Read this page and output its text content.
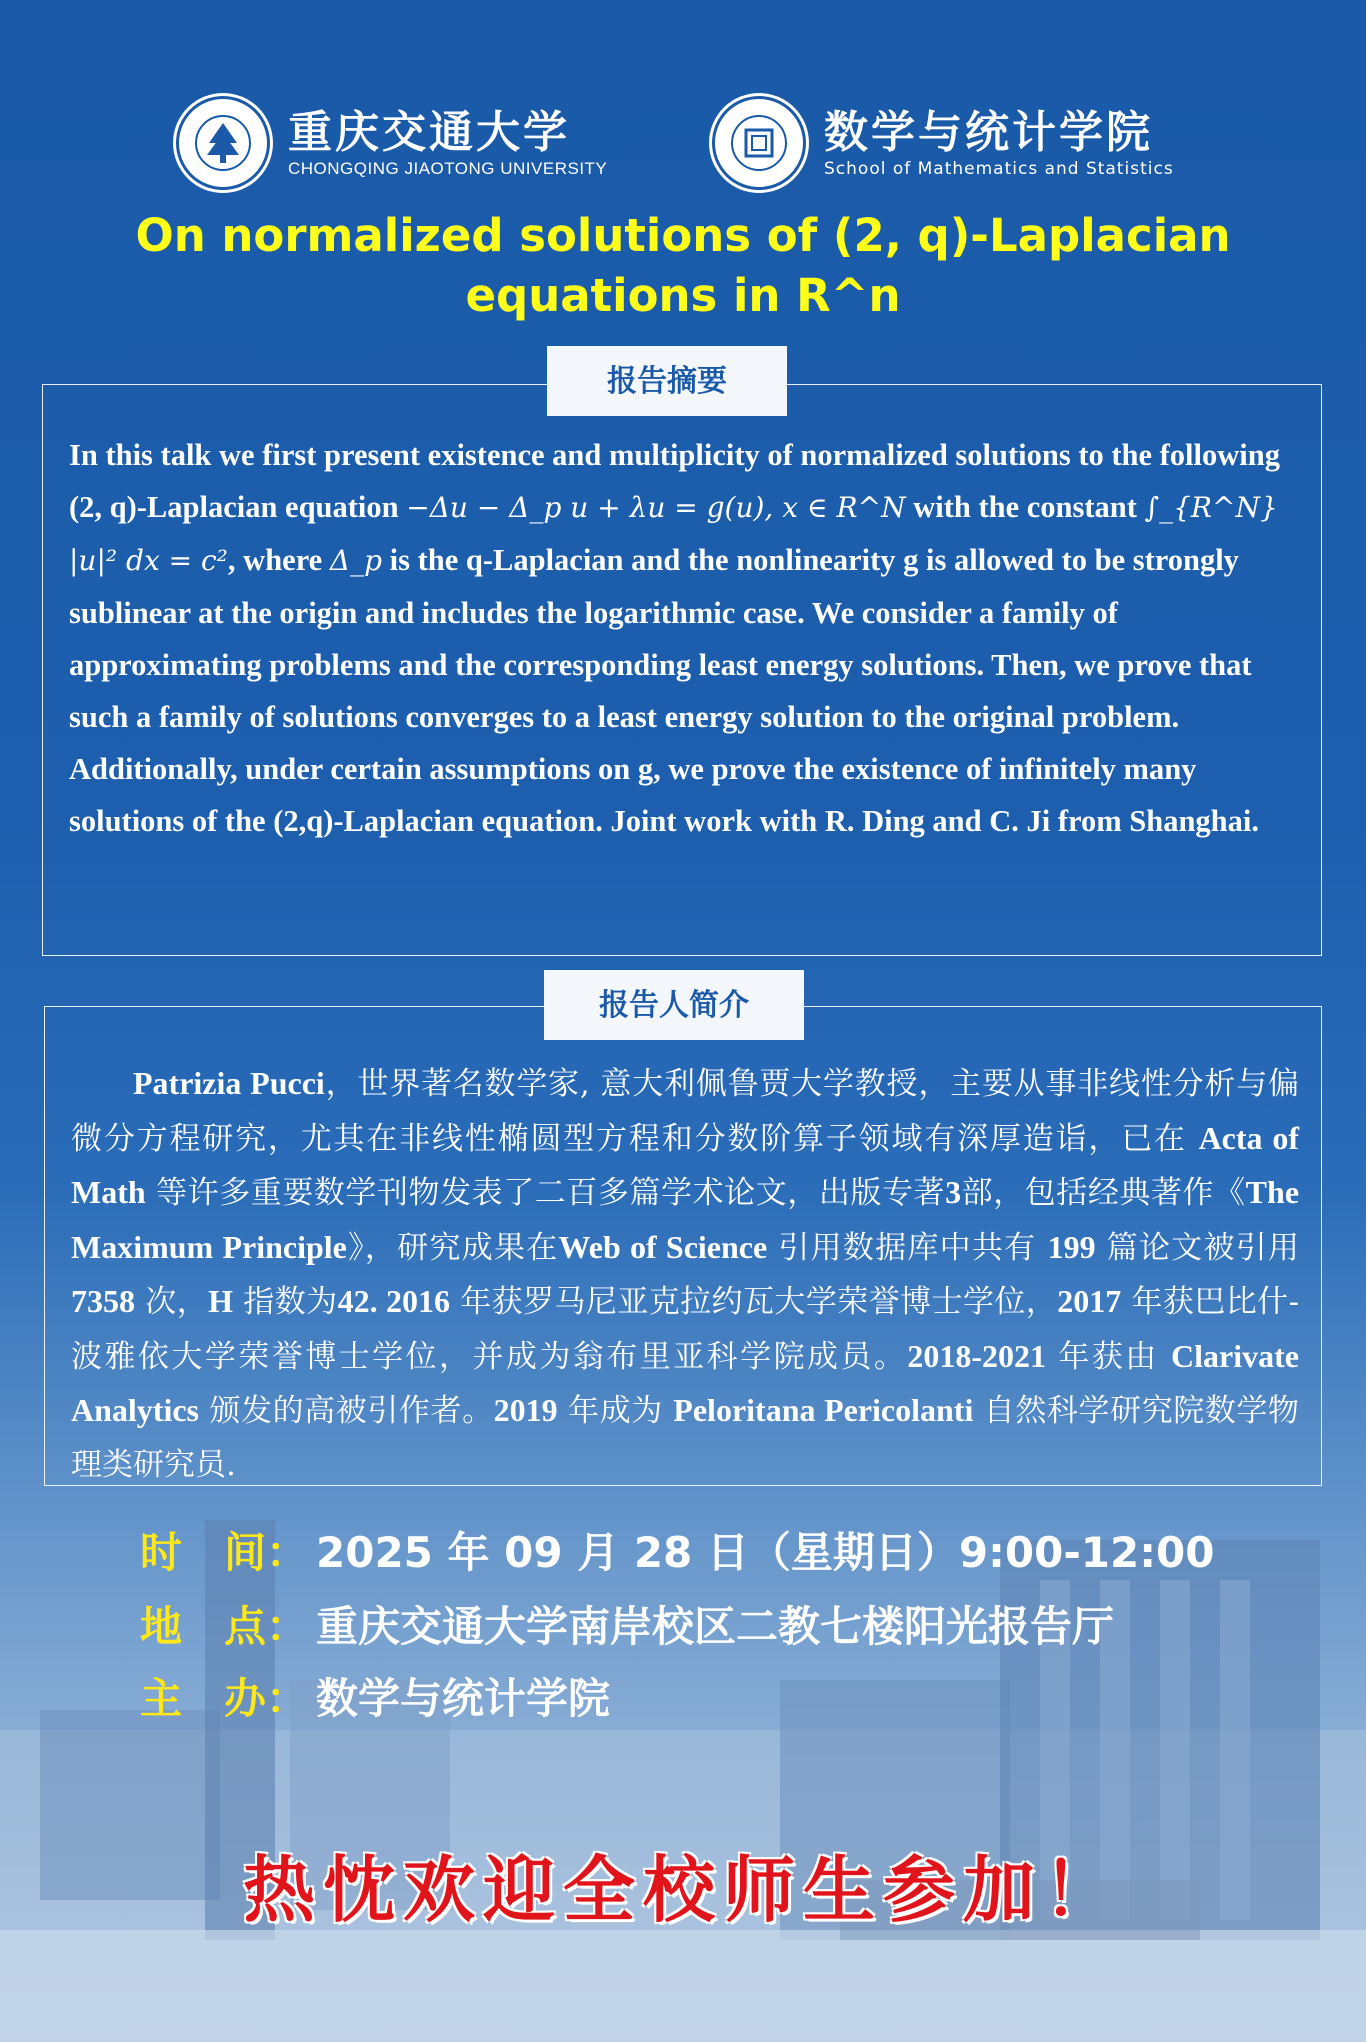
重庆交通大学
CHONGQING JIAOTONG UNIVERSITY
数学与统计学院
School of Mathematics and Statistics
On normalized solutions of (2, q)-Laplacian
equations in R^n
In this talk we first present existence and multiplicity of normalized solutions to the following (2, q)-Laplacian equation −Δu − Δ_p u + λu = g(u), x ∈ R^N with the constant ∫_{R^N} |u|² dx = c², where Δ_p is the q-Laplacian and the nonlinearity g is allowed to be strongly sublinear at the origin and includes the logarithmic case. We consider a family of approximating problems and the corresponding least energy solutions. Then, we prove that such a family of solutions converges to a least energy solution to the original problem. Additionally, under certain assumptions on g, we prove the existence of infinitely many solutions of the (2,q)-Laplacian equation. Joint work with R. Ding and C. Ji from Shanghai.
报告摘要
Patrizia Pucci，世界著名数学家, 意大利佩鲁贾大学教授，主要从事非线性分析与偏微分方程研究，尤其在非线性椭圆型方程和分数阶算子领域有深厚造诣，已在 Acta of Math 等许多重要数学刊物发表了二百多篇学术论文，出版专著3部，包括经典著作《The Maximum Principle》，研究成果在Web of Science 引用数据库中共有 199 篇论文被引用 7358 次，H 指数为42. 2016 年获罗马尼亚克拉约瓦大学荣誉博士学位，2017 年获巴比什-波雅依大学荣誉博士学位，并成为翁布里亚科学院成员。2018-2021 年获由 Clarivate Analytics 颁发的高被引作者。2019 年成为 Peloritana Pericolanti 自然科学研究院数学物理类研究员.
报告人简介
时　间： 2025 年 09 月 28 日（星期日）9:00-12:00
地　点： 重庆交通大学南岸校区二教七楼阳光报告厅
主　办： 数学与统计学院
热忱欢迎全校师生参加！
